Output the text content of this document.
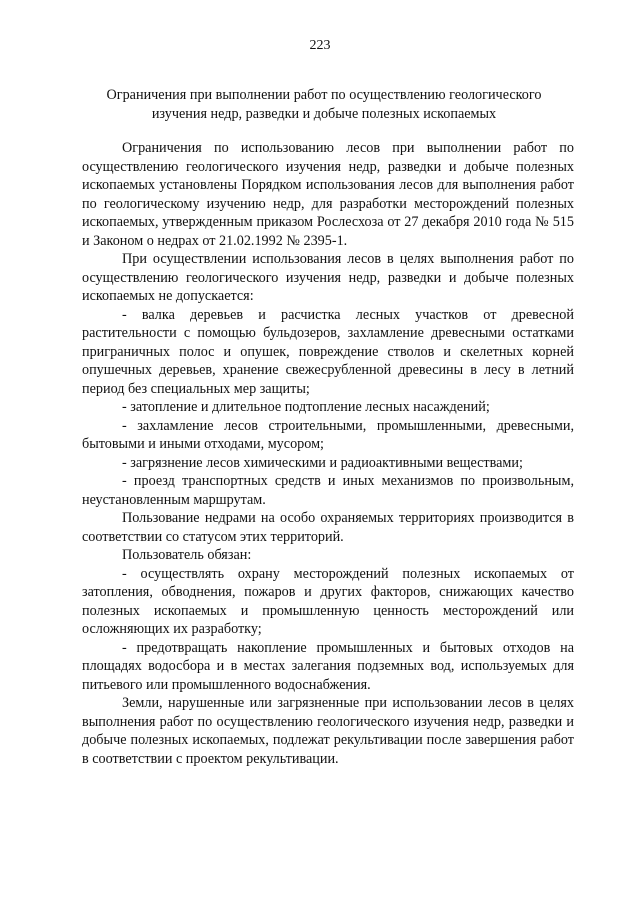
223
Ограничения при выполнении работ по осуществлению геологического изучения недр, разведки и добыче полезных ископаемых

Ограничения по использованию лесов при выполнении работ по осуществлению геологического изучения недр, разведки и добыче полезных ископаемых установлены Порядком использования лесов для выполнения работ по геологическому изучению недр, для разработки месторождений полезных ископаемых, утвержденным приказом Рослесхоза от 27 декабря 2010 года № 515 и Законом о недрах от 21.02.1992 № 2395-1.

При осуществлении использования лесов в целях выполнения работ по осуществлению геологического изучения недр, разведки и добыче полезных ископаемых не допускается:

- валка деревьев и расчистка лесных участков от древесной растительности с помощью бульдозеров, захламление древесными остатками приграничных полос и опушек, повреждение стволов и скелетных корней опушечных деревьев, хранение свежесрубленной древесины в лесу в летний период без специальных мер защиты;

- затопление и длительное подтопление лесных насаждений;

- захламление лесов строительными, промышленными, древесными, бытовыми и иными отходами, мусором;

- загрязнение лесов химическими и радиоактивными веществами;

- проезд транспортных средств и иных механизмов по произвольным, неустановленным маршрутам.

Пользование недрами на особо охраняемых территориях производится в соответствии со статусом этих территорий.

Пользователь обязан:

- осуществлять охрану месторождений полезных ископаемых от затопления, обводнения, пожаров и других факторов, снижающих качество полезных ископаемых и промышленную ценность месторождений или осложняющих их разработку;

- предотвращать накопление промышленных и бытовых отходов на площадях водосбора и в местах залегания подземных вод, используемых для питьевого или промышленного водоснабжения.

Земли, нарушенные или загрязненные при использовании лесов в целях выполнения работ по осуществлению геологического изучения недр, разведки и добыче полезных ископаемых, подлежат рекультивации после завершения работ в соответствии с проектом рекультивации.
